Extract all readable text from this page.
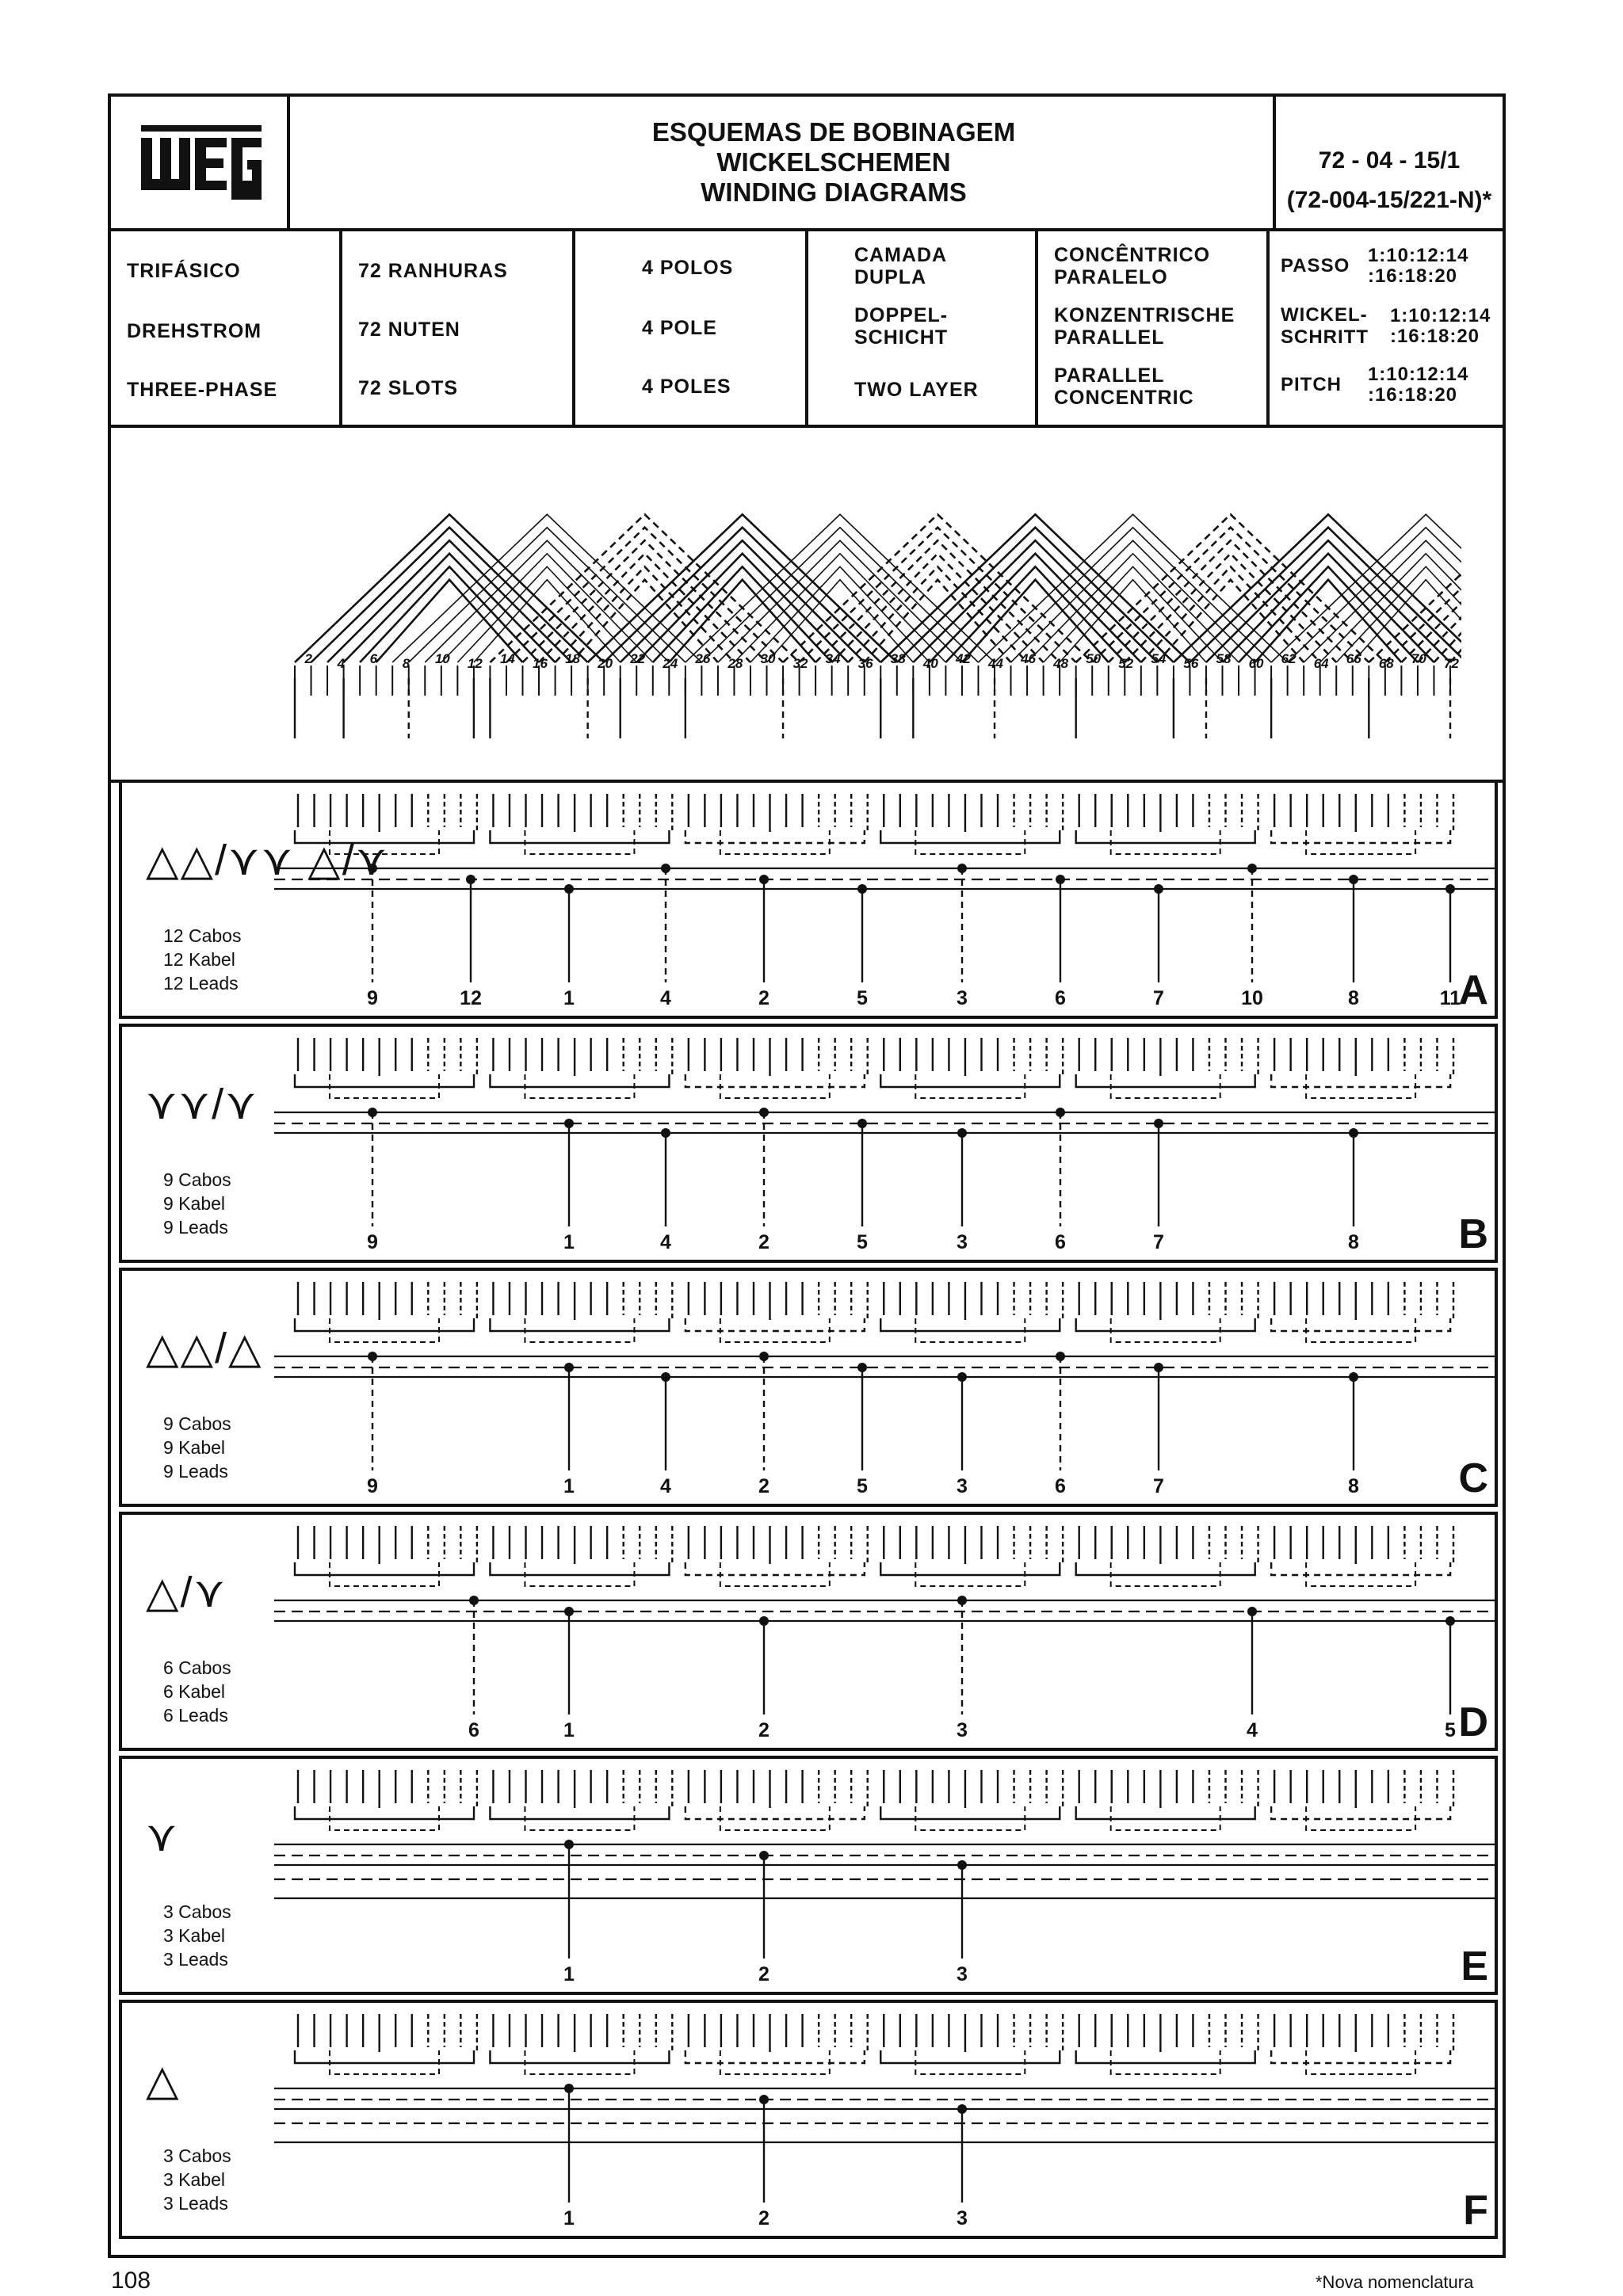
ESQUEMAS DE BOBINAGEM
WICKELSCHEMEN
WINDING DIAGRAMS
72 - 04 - 15/1
(72-004-15/221-N)*
TRIFÁSICO
DREHSTROM
THREE-PHASE
72 RANHURAS
72 NUTEN
72 SLOTS
4 POLOS
4 POLE
4 POLES
CAMADA DUPLA
DOPPEL- SCHICHT
TWO LAYER
CONCÊNTRICO PARALELO
KONZENTRISCHE PARALLEL
PARALLEL CONCENTRIC
PASSO 1:10:12:14
:16:18:20
WICKEL- SCHRITT 1:10:12:14
:16:18:20
PITCH 1:10:12:14
:16:18:20
2 4 6 8 10 12 14 16 18 20 22 24 26 28 30 32 34 36 38 40 42 44 46 48 50 52 54 56 58 60 62 64 66 68 70 72
9	12	1	4	2	5	3	6	7	10	8	11
△△/⋎⋎ △/⋎
12 Cabos
12 Kabel
12 Leads	A
9	1	4	2	5	3	6	7	8
⋎⋎/⋎
9 Cabos
9 Kabel
9 Leads	B
9	1	4	2	5	3	6	7	8
△△/△
9 Cabos
9 Kabel
9 Leads	C
6	1	2	3	4	5
△/⋎
6 Cabos
6 Kabel
6 Leads	D
1	2	3
⋎
3 Cabos
3 Kabel
3 Leads	E
1	2	3
△
3 Cabos
3 Kabel
3 Leads	F
108	*Nova nomenclatura
